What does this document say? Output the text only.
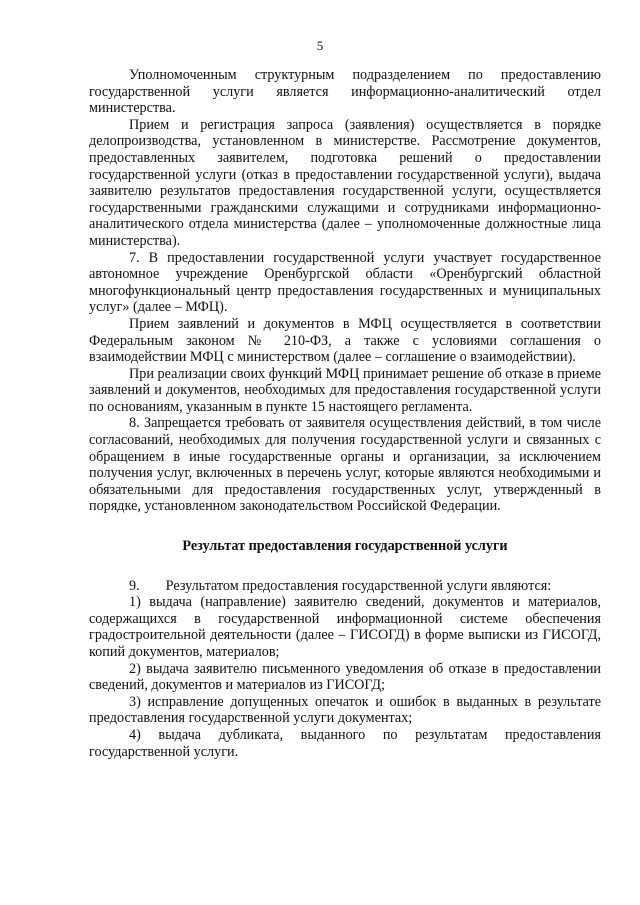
5

Уполномоченным структурным подразделением по предоставлению государственной услуги является информационно-аналитический отдел министерства.

Прием и регистрация запроса (заявления) осуществляется в порядке делопроизводства, установленном в министерстве. Рассмотрение документов, предоставленных заявителем, подготовка решений о предоставлении государственной услуги (отказ в предоставлении государственной услуги), выдача заявителю результатов предоставления государственной услуги, осуществляется государственными гражданскими служащими и сотрудниками информационно-аналитического отдела министерства (далее – уполномоченные должностные лица министерства).

7. В предоставлении государственной услуги участвует государственное автономное учреждение Оренбургской области «Оренбургский областной многофункциональный центр предоставления государственных и муниципальных услуг» (далее – МФЦ).

Прием заявлений и документов в МФЦ осуществляется в соответствии Федеральным законом № 210-ФЗ, а также с условиями соглашения о взаимодействии МФЦ с министерством (далее – соглашение о взаимодействии).

При реализации своих функций МФЦ принимает решение об отказе в приеме заявлений и документов, необходимых для предоставления государственной услуги по основаниям, указанным в пункте 15 настоящего регламента.

8. Запрещается требовать от заявителя осуществления действий, в том числе согласований, необходимых для получения государственной услуги и связанных с обращением в иные государственные органы и организации, за исключением получения услуг, включенных в перечень услуг, которые являются необходимыми и обязательными для предоставления государственных услуг, утвержденный в порядке, установленном законодательством Российской Федерации.

Результат предоставления государственной услуги

9. Результатом предоставления государственной услуги являются:

1) выдача (направление) заявителю сведений, документов и материалов, содержащихся в государственной информационной системе обеспечения градостроительной деятельности (далее – ГИСОГД) в форме выписки из ГИСОГД, копий документов, материалов;

2) выдача заявителю письменного уведомления об отказе в предоставлении сведений, документов и материалов из ГИСОГД;

3) исправление допущенных опечаток и ошибок в выданных в результате предоставления государственной услуги документах;

4) выдача дубликата, выданного по результатам предоставления государственной услуги.
